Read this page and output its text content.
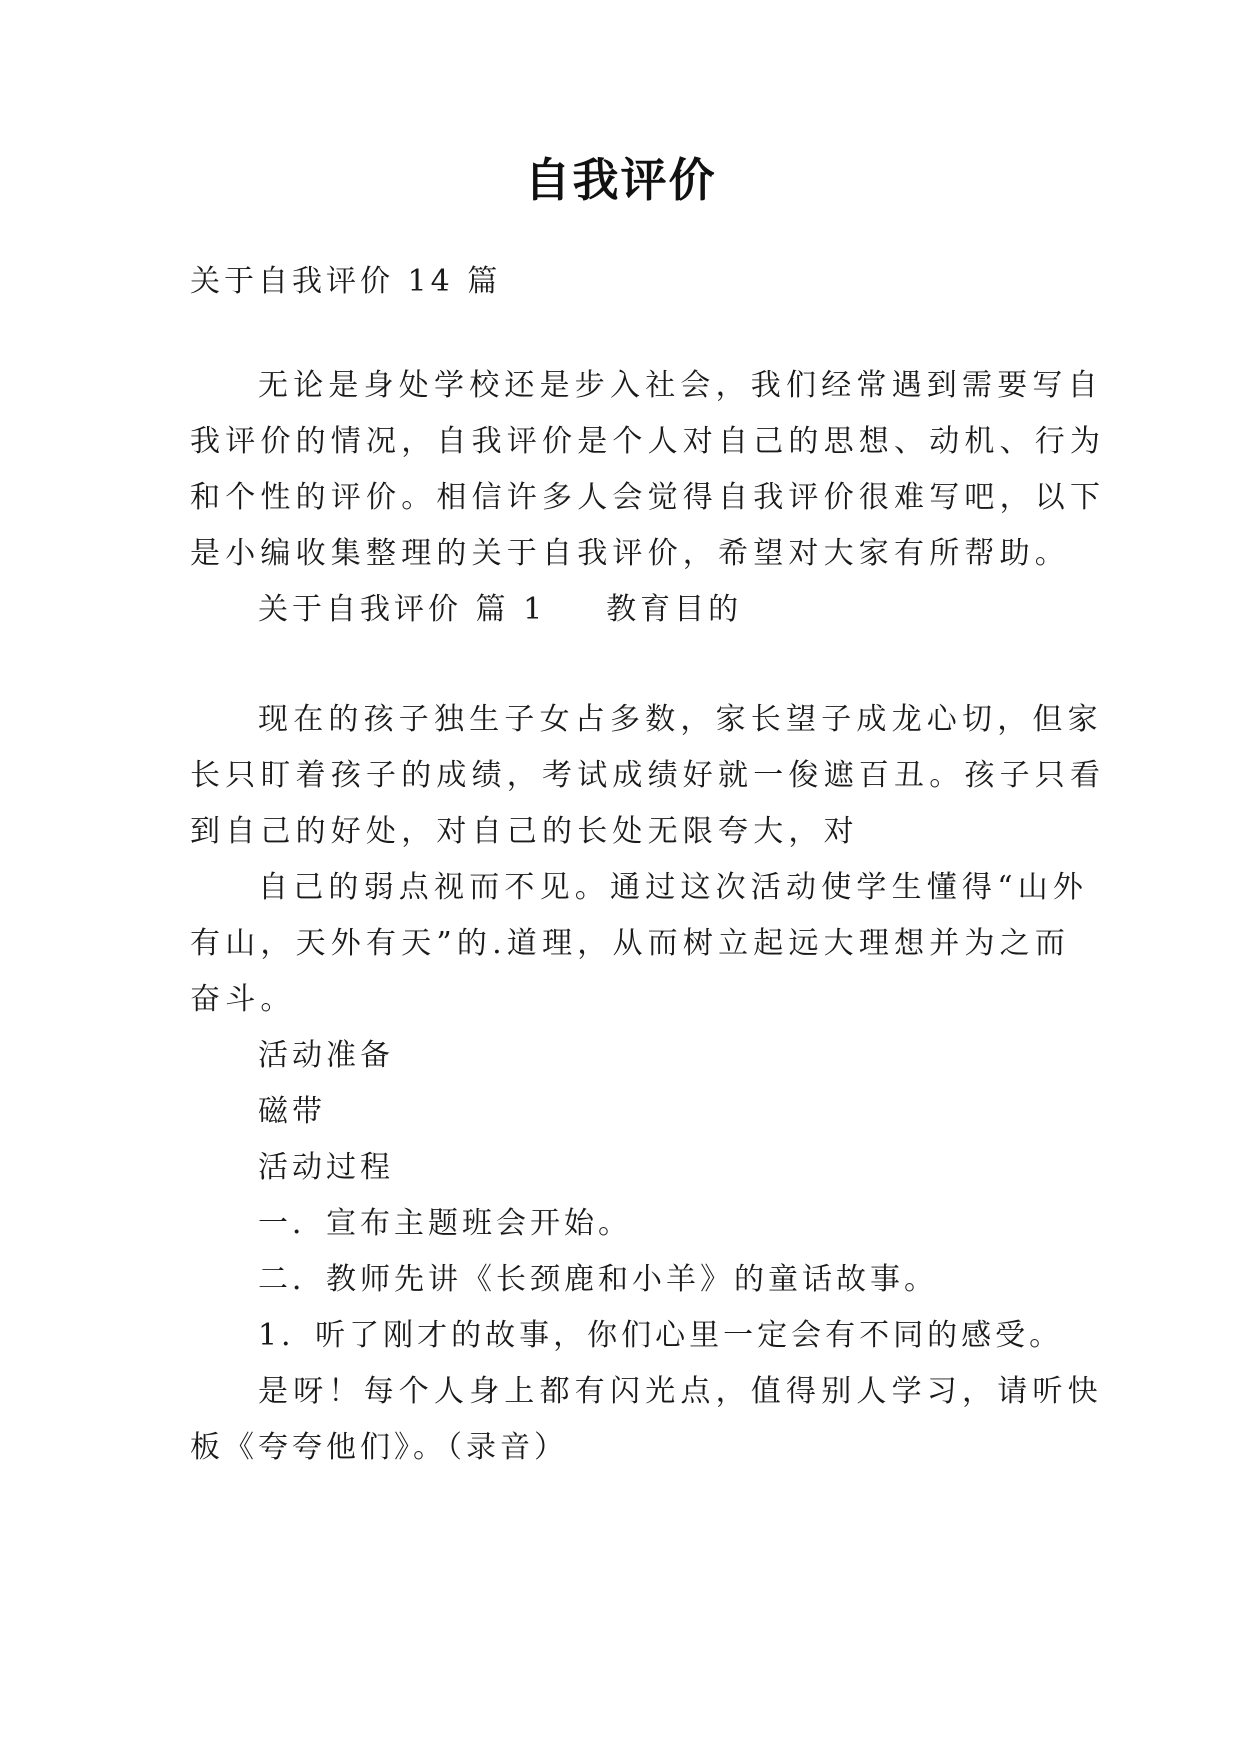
自我评价
关于自我评价 14 篇
无论是身处学校还是步入社会，我们经常遇到需要写自
我评价的情况，自我评价是个人对自己的思想、动机、行为
和个性的评价。相信许多人会觉得自我评价很难写吧，以下
是小编收集整理的关于自我评价，希望对大家有所帮助。
关于自我评价 篇 1 教育目的
现在的孩子独生子女占多数，家长望子成龙心切，但家
长只盯着孩子的成绩，考试成绩好就一俊遮百丑。孩子只看
到自己的好处，对自己的长处无限夸大，对
自己的弱点视而不见。通过这次活动使学生懂得“山外
有山，天外有天”的.道理，从而树立起远大理想并为之而
奋斗。
活动准备
磁带
活动过程
一．宣布主题班会开始。
二．教师先讲《长颈鹿和小羊》的童话故事。
1．听了刚才的故事，你们心里一定会有不同的感受。
是呀！每个人身上都有闪光点，值得别人学习，请听快
板《夸夸他们》。（录音）
